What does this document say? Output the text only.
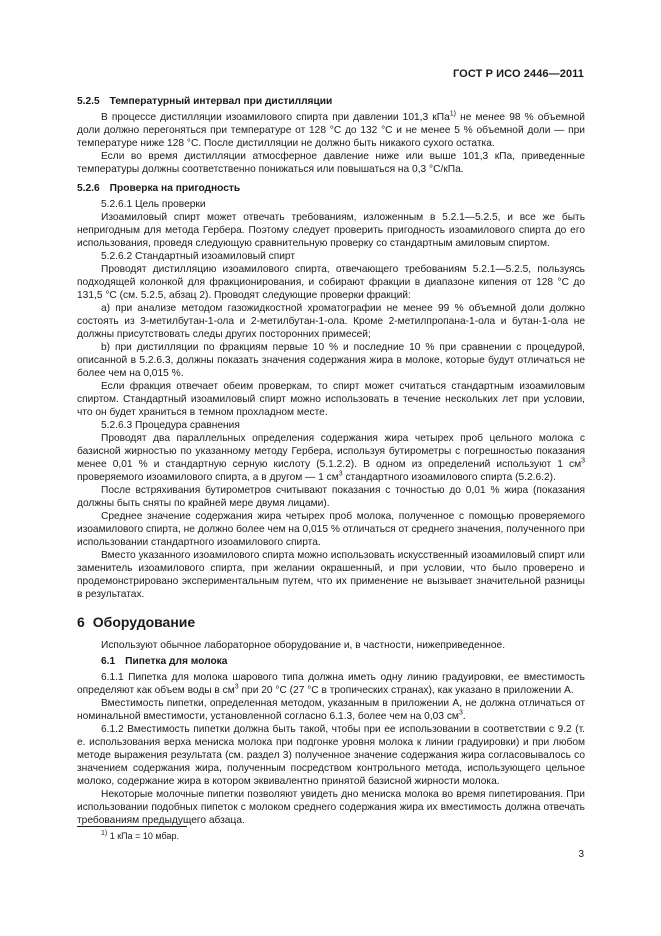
ГОСТ Р ИСО 2446—2011

5.2.5 Температурный интервал при дистилляции

В процессе дистилляции изоамилового спирта при давлении 101,3 кПа$^{1)}$ не менее 98 % объемной доли должно перегоняться при температуре от 128 °C до 132 °C и не менее 5 % объемной доли — при температуре ниже 128 °C. После дистилляции не должно быть никакого сухого остатка.

Если во время дистилляции атмосферное давление ниже или выше 101,3 кПа, приведенные температуры должны соответственно понижаться или повышаться на 0,3 °C/кПа.

5.2.6 Проверка на пригодность

5.2.6.1 Цель проверки

Изоамиловый спирт может отвечать требованиям, изложенным в 5.2.1—5.2.5, и все же быть непригодным для метода Гербера. Поэтому следует проверить пригодность изоамилового спирта до его использования, проведя следующую сравнительную проверку со стандартным амиловым спиртом.

5.2.6.2 Стандартный изоамиловый спирт

Проводят дистилляцию изоамилового спирта, отвечающего требованиям 5.2.1—5.2.5, пользуясь подходящей колонкой для фракционирования, и собирают фракции в диапазоне кипения от 128 °C до 131,5 °C (см. 5.2.5, абзац 2). Проводят следующие проверки фракций:

a) при анализе методом газожидкостной хроматографии не менее 99 % объемной доли должно состоять из 3-метилбутан-1-ола и 2-метилбутан-1-ола. Кроме 2-метилпропана-1-ола и бутан-1-ола не должны присутствовать следы других посторонних примесей;

b) при дистилляции по фракциям первые 10 % и последние 10 % при сравнении с процедурой, описанной в 5.2.6.3, должны показать значения содержания жира в молоке, которые будут отличаться не более чем на 0,015 %.

Если фракция отвечает обеим проверкам, то спирт может считаться стандартным изоамиловым спиртом. Стандартный изоамиловый спирт можно использовать в течение нескольких лет при условии, что он будет храниться в темном прохладном месте.

5.2.6.3 Процедура сравнения

Проводят два параллельных определения содержания жира четырех проб цельного молока с базисной жирностью по указанному методу Гербера, используя бутирометры с погрешностью показания менее 0,01 % и стандартную серную кислоту (5.1.2.2). В одном из определений используют 1 $см^3$ проверяемого изоамилового спирта, а в другом — 1 $см^3$ стандартного изоамилового спирта (5.2.6.2).

После встряхивания бутирометров считывают показания с точностью до 0,01 % жира (показания должны быть сняты по крайней мере двумя лицами).

Среднее значение содержания жира четырех проб молока, полученное с помощью проверяемого изоамилового спирта, не должно более чем на 0,015 % отличаться от среднего значения, полученного при использовании стандартного изоамилового спирта.

Вместо указанного изоамилового спирта можно использовать искусственный изоамиловый спирт или заменитель изоамилового спирта, при желании окрашенный, и при условии, что было проверено и продемонстрировано экспериментальным путем, что их применение не вызывает значительной разницы в результатах.

6 Оборудование

Используют обычное лабораторное оборудование и, в частности, нижеприведенное.

6.1 Пипетка для молока

6.1.1 Пипетка для молока шарового типа должна иметь одну линию градуировки, ее вместимость определяют как объем воды в $см^3$ при 20 °C (27 °C в тропических странах), как указано в приложении А.

Вместимость пипетки, определенная методом, указанным в приложении А, не должна отличаться от номинальной вместимости, установленной согласно 6.1.3, более чем на 0,03 $см^3$.

6.1.2 Вместимость пипетки должна быть такой, чтобы при ее использовании в соответствии с 9.2 (т. е. использования верха мениска молока при подгонке уровня молока к линии градуировки) и при любом методе выражения результата (см. раздел 3) полученное значение содержания жира согласовывалось со значением содержания жира, полученным посредством контрольного метода, использующего цельное молоко, содержание жира в котором эквивалентно принятой базисной жирности молока.

Некоторые молочные пипетки позволяют увидеть дно мениска молока во время пипетирования. При использовании подобных пипеток с молоком среднего содержания жира их вместимость должна отвечать требованиям предыдущего абзаца.

$^{1)}$ 1 кПа = 10 мбар.

3
